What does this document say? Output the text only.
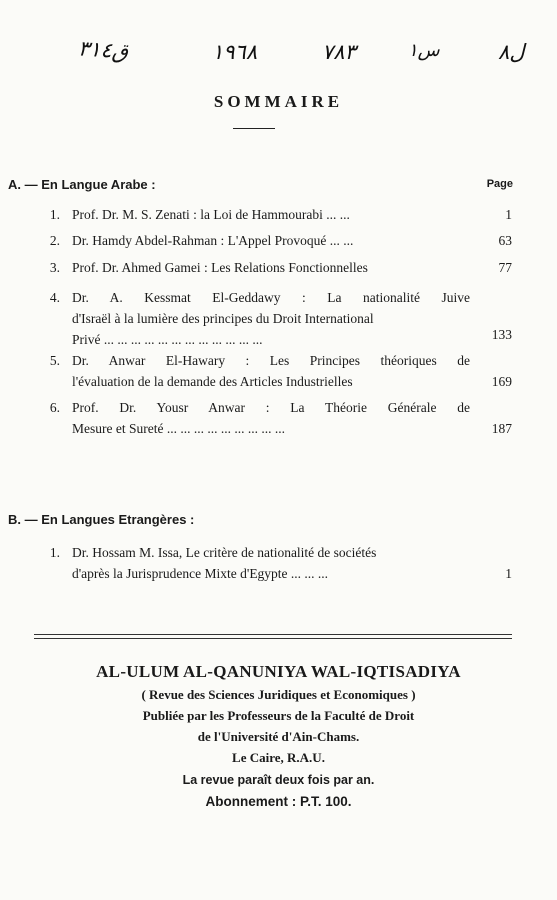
ق٣١٤	١٩٦٨	٧٨٣	س١	ل٨
SOMMAIRE
A. — En Langue Arabe :	Page
1. Prof. Dr. M. S. Zenati : la Loi de Hammourabi ... ...	1
2. Dr. Hamdy Abdel-Rahman : L'Appel Provoqué ... ...	63
3. Prof. Dr. Ahmed Gamei : Les Relations Fonctionnelles	77
4. Dr. A. Kessmat El-Geddawy : La nationalité Juive
d'Israël à la lumière des principes du Droit International
Privé ... ... ... ... ... ... ... ... ... ... ... ...	133
5. Dr. Anwar El-Hawary : Les Principes théoriques de
l'évaluation de la demande des Articles Industrielles	169
6. Prof. Dr. Yousr Anwar : La Théorie Générale de
Mesure et Sureté ... ... ... ... ... ... ... ... ...	187
B. — En Langues Etrangères :
1. Dr. Hossam M. Issa, Le critère de nationalité de sociétés
d'après la Jurisprudence Mixte d'Egypte ... ... ...	1
AL-ULUM AL-QANUNIYA WAL-IQTISADIYA
( Revue des Sciences Juridiques et Economiques )
Publiée par les Professeurs de la Faculté de Droit
de l'Université d'Ain-Chams.
Le Caire, R.A.U.
La revue paraît deux fois par an.
Abonnement : P.T. 100.
